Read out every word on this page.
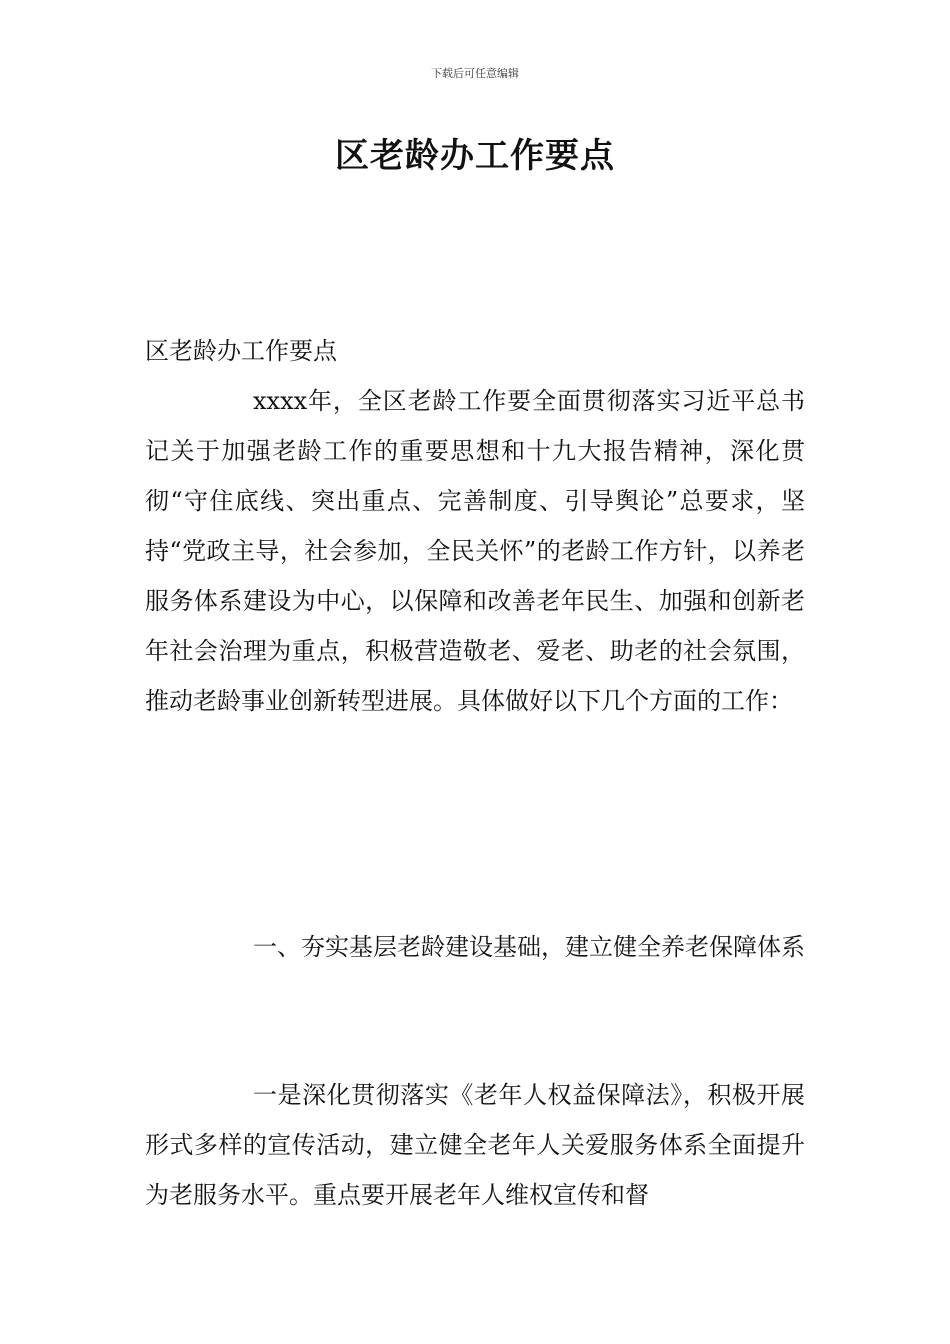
下载后可任意编辑
区老龄办工作要点

区老龄办工作要点

xxxx年，全区老龄工作要全面贯彻落实习近平总书记关于加强老龄工作的重要思想和十九大报告精神，深化贯彻“守住底线、突出重点、完善制度、引导舆论”总要求，坚持“党政主导，社会参加，全民关怀”的老龄工作方针，以养老服务体系建设为中心，以保障和改善老年民生、加强和创新老年社会治理为重点，积极营造敬老、爱老、助老的社会氛围，推动老龄事业创新转型进展。具体做好以下几个方面的工作：

一、夯实基层老龄建设基础，建立健全养老保障体系

一是深化贯彻落实《老年人权益保障法》，积极开展形式多样的宣传活动，建立健全老年人关爱服务体系全面提升为老服务水平。重点要开展老年人维权宣传和督
